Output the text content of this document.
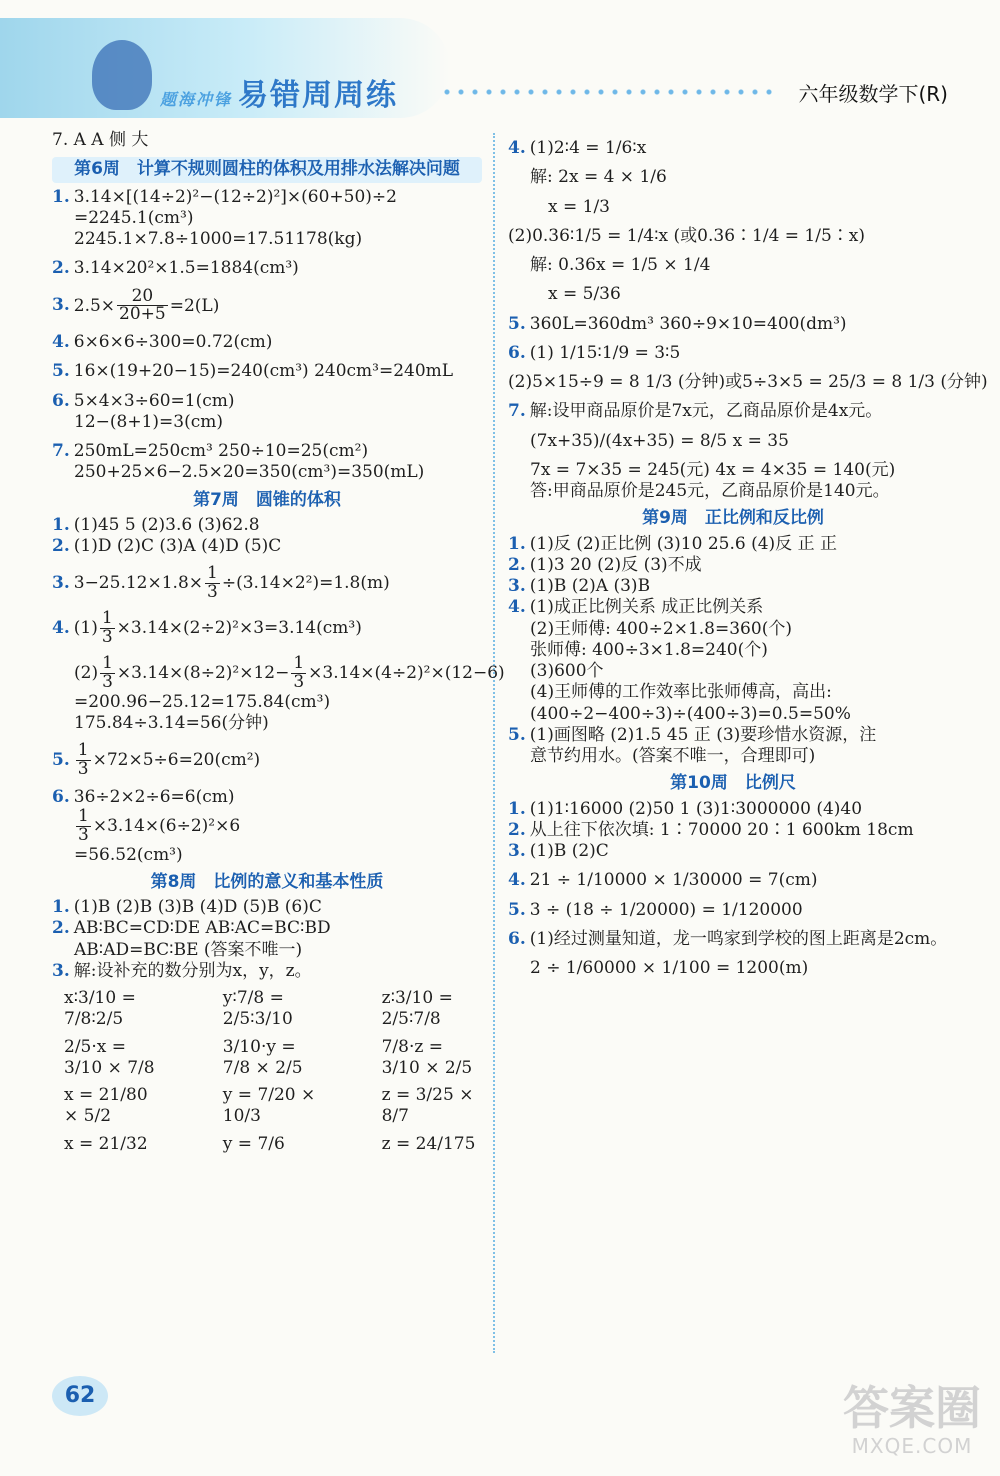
题海冲锋 易错周周练	六年级数学下(R)

7. A A 侧 大

第6周　计算不规则圆柱的体积及用排水法解决问题

1. 3.14×[(14÷2)²−(12÷2)²]×(60+50)÷2

=2245.1(cm³)

2245.1×7.8÷1000=17.51178(kg)

2. 3.14×20²×1.5=1884(cm³)

3. $2.5\times \frac{20}{20+5} =2(L)$

4. 6×6×6÷300=0.72(cm)

5. 16×(19+20−15)=240(cm³) 240cm³=240mL

6. 5×4×3÷60=1(cm)

12−(8+1)=3(cm)

7. 250mL=250cm³ 250÷10=25(cm²)

250+25×6−2.5×20=350(cm³)=350(mL)

第7周　圆锥的体积

1. (1)45 5 (2)3.6 (3)62.8

2. (1)D (2)C (3)A (4)D (5)C

3. $3-25.12\times 1.8\times \frac{1}{3} \div(3.14\times 2^2)=1.8(m)$

4. $(1) \frac{1}{3} \times 3.14\times(2\div 2)^2\times 3=3.14(cm^3)$

$(2) \frac{1}{3} \times 3.14\times(8\div 2)^2\times 12- \frac{1}{3} \times 3.14\times(4\div 2)^2\times(12-6)$

=200.96−25.12=175.84(cm³)

175.84÷3.14=56(分钟)

5. $\frac{1}{3} \times 72\times 5\div 6=20(cm^2)$

6. 36÷2×2÷6=6(cm)

$\frac{1}{3} \times 3.14\times(6\div 2)^2\times 6$

=56.52(cm³)

第8周　比例的意义和基本性质

1. (1)B (2)B (3)B (4)D (5)B (6)C

2. AB∶BC=CD∶DE AB∶AC=BC∶BD

AB∶AD=BC∶BE (答案不唯一)

3. 解:设补充的数分别为x，y，z。

x∶3/10 = 7/8∶2/5
2/5·x = 3/10 × 7/8
x = 21/80 × 5/2
x = 21/32
y∶7/8 = 2/5∶3/10
3/10·y = 7/8 × 2/5
y = 7/20 × 10/3
y = 7/6
z∶3/10 = 2/5∶7/8
7/8·z = 3/10 × 2/5
z = 3/25 × 8/7
z = 24/175

4. (1)2∶4 = 1/6∶x

解: 2x = 4 × 1/6

x = 1/3

(2)0.36∶1/5 = 1/4∶x (或0.36∶1/4 = 1/5∶x)

解: 0.36x = 1/5 × 1/4

x = 5/36

5. 360L=360dm³ 360÷9×10=400(dm³)

6. (1) 1/15∶1/9 = 3∶5

(2)5×15÷9 = 8 1/3 (分钟)或5÷3×5 = 25/3 = 8 1/3 (分钟)

7. 解:设甲商品原价是7x元，乙商品原价是4x元。

(7x+35)/(4x+35) = 8/5 x = 35

7x = 7×35 = 245(元) 4x = 4×35 = 140(元)

答:甲商品原价是245元，乙商品原价是140元。

第9周　正比例和反比例

1. (1)反 (2)正比例 (3)10 25.6 (4)反 正 正

2. (1)3 20 (2)反 (3)不成

3. (1)B (2)A (3)B

4. (1)成正比例关系 成正比例关系

(2)王师傅: 400÷2×1.8=360(个)

张师傅: 400÷3×1.8=240(个)

(3)600个

(4)王师傅的工作效率比张师傅高，高出:

(400÷2−400÷3)÷(400÷3)=0.5=50%

5. (1)画图略 (2)1.5 45 正 (3)要珍惜水资源，注

意节约用水。(答案不唯一，合理即可)

第10周　比例尺

1. (1)1∶16000 (2)50 1 (3)1∶3000000 (4)40

2. 从上往下依次填: 1∶70000 20∶1 600km 18cm

3. (1)B (2)C

4. 21 ÷ 1/10000 × 1/30000 = 7(cm)

5. 3 ÷ (18 ÷ 1/20000) = 1/120000

6. (1)经过测量知道，龙一鸣家到学校的图上距离是2cm。

2 ÷ 1/60000 × 1/100 = 1200(m)

62	答案圈
MXQE.COM
